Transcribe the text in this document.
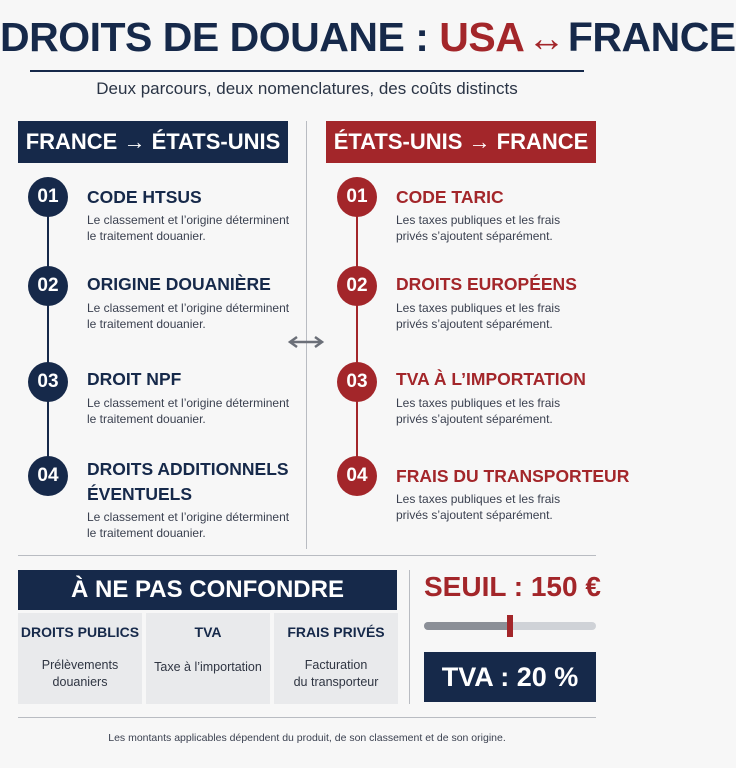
DROITS DE DOUANE : USA↔FRANCE
Deux parcours, deux nomenclatures, des coûts distincts
FRANCE → ÉTATS-UNIS	ÉTATS-UNIS → FRANCE
01	CODE HTSUS
Le classement et l’origine déterminent le traitement douanier.
02	ORIGINE DOUANIÈRE
Le classement et l’origine déterminent le traitement douanier.
03	DROIT NPF
Le classement et l’origine déterminent le traitement douanier.
04	DROITS ADDITIONNELS
ÉVENTUELS
Le classement et l’origine déterminent le traitement douanier.
01	CODE TARIC
Les taxes publiques et les frais privés s’ajoutent séparément.
02	DROITS EUROPÉENS
Les taxes publiques et les frais privés s’ajoutent séparément.
03	TVA À L’IMPORTATION
Les taxes publiques et les frais privés s’ajoutent séparément.
04	FRAIS DU TRANSPORTEUR
Les taxes publiques et les frais privés s’ajoutent séparément.
À NE PAS CONFONDRE
DROITS PUBLICS
Prélèvements
douaniers
TVA
Taxe à l’importation
FRAIS PRIVÉS
Facturation
du transporteur
SEUIL : 150 €
TVA : 20 %
Les montants applicables dépendent du produit, de son classement et de son origine.
